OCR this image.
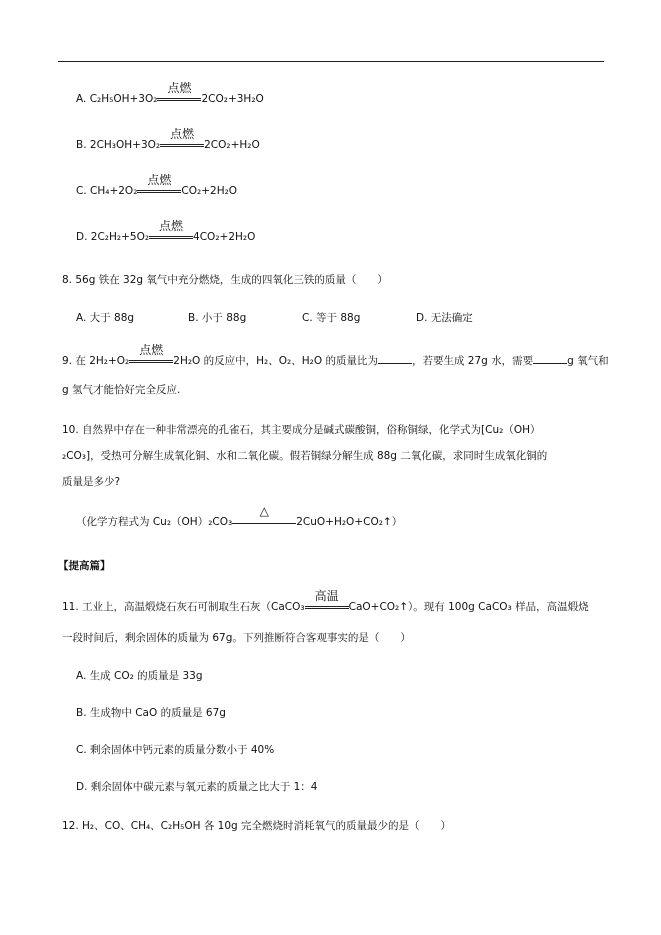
A. C₂H₅OH+3O₂
点燃
2CO₂+3H₂O
B. 2CH₃OH+3O₂
点燃
2CO₂+H₂O
C. CH₄+2O₂
点燃
CO₂+2H₂O
D. 2C₂H₂+5O₂
点燃
4CO₂+2H₂O
8. 56g 铁在 32g 氧气中充分燃烧，生成的四氧化三铁的质量（　　）
A. 大于 88g	B. 小于 88g	C. 等于 88g	D. 无法确定
9. 在 2H₂+O₂
点燃
2H₂O 的反应中，H₂、O₂、H₂O 的质量比为	，若要生成 27g 水，需要	g 氧气和
g 氢气才能恰好完全反应.
10. 自然界中存在一种非常漂亮的孔雀石，其主要成分是碱式碳酸铜，俗称铜绿，化学式为[Cu₂（OH）
₂CO₃]，受热可分解生成氧化铜、水和二氧化碳。假若铜绿分解生成 88g 二氧化碳，求同时生成氧化铜的
质量是多少?
（化学方程式为 Cu₂（OH）₂CO₃
△
2CuO+H₂O+CO₂↑）
【提高篇】
11. 工业上，高温煅烧石灰石可制取生石灰（CaCO₃
高温
CaO+CO₂↑）。现有 100g CaCO₃ 样品，高温煅烧
一段时间后，剩余固体的质量为 67g。下列推断符合客观事实的是（　　）
A. 生成 CO₂ 的质量是 33g
B. 生成物中 CaO 的质量是 67g
C. 剩余固体中钙元素的质量分数小于 40%
D. 剩余固体中碳元素与氧元素的质量之比大于 1：4
12. H₂、CO、CH₄、C₂H₅OH 各 10g 完全燃烧时消耗氧气的质量最少的是（　　）
